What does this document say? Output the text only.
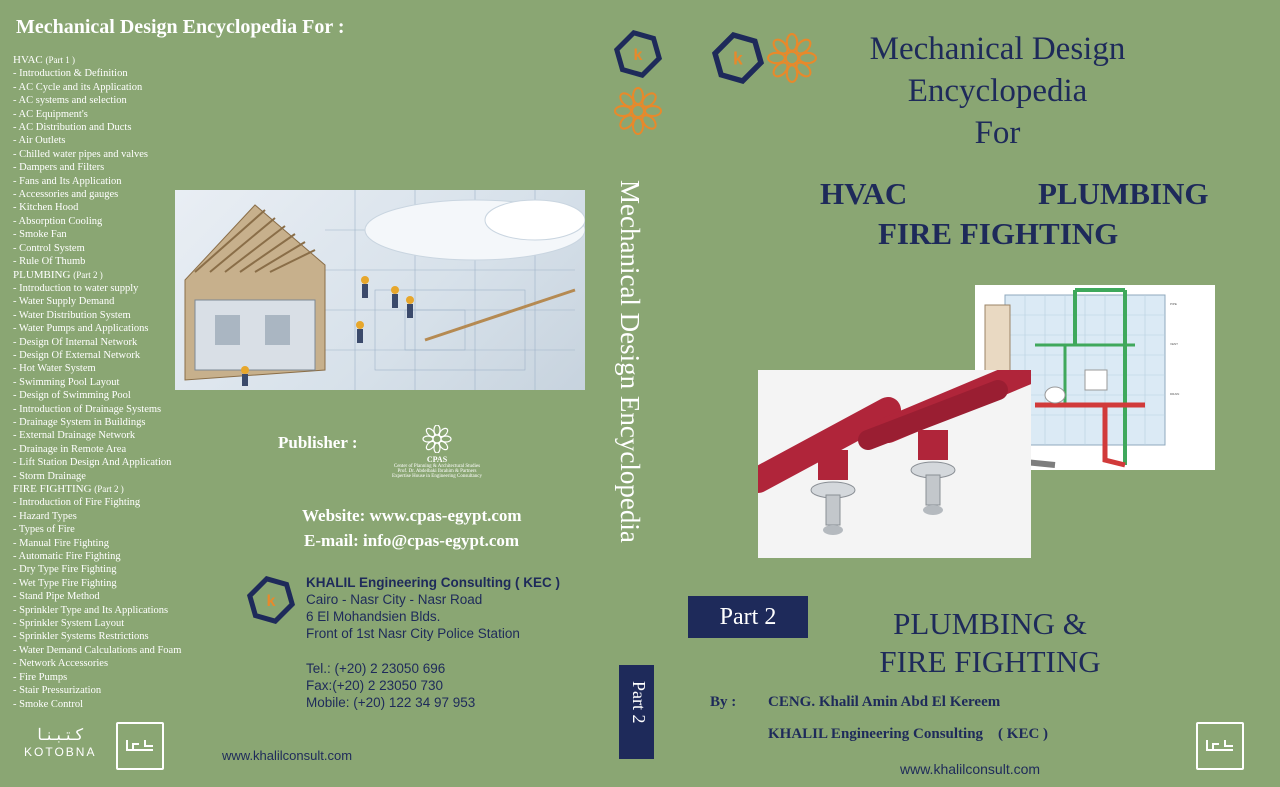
Mechanical Design Encyclopedia For :
HVAC (Part 1 )
- Introduction & Definition
- AC Cycle and its Application
- AC systems and selection
- AC Equipment's
- AC Distribution and Ducts
- Air Outlets
- Chilled water pipes and valves
- Dampers and Filters
- Fans and Its Application
- Accessories and gauges
- Kitchen Hood
- Absorption Cooling
- Smoke Fan
- Control System
- Rule Of Thumb
PLUMBING (Part 2 )
- Introduction to water supply
- Water Supply Demand
- Water Distribution System
- Water Pumps and Applications
- Design Of Internal Network
- Design Of External Network
- Hot Water System
- Swimming Pool Layout
- Design of Swimming Pool
- Introduction of Drainage Systems
- Drainage System in Buildings
- External Drainage Network
- Drainage in Remote Area
- Lift Station Design And Application
- Storm Drainage
FIRE FIGHTING (Part 2 )
- Introduction of Fire Fighting
- Hazard Types
- Types of Fire
- Manual Fire Fighting
- Automatic Fire Fighting
- Dry Type Fire Fighting
- Wet Type Fire Fighting
- Stand Pipe Method
- Sprinkler Type and Its Applications
- Sprinkler System Layout
- Sprinkler Systems Restrictions
- Water Demand Calculations and Foam
- Network Accessories
- Fire Pumps
- Stair Pressurization
- Smoke Control
Publisher :
CPAS
Center of Planning & Architectural Studies
Prof. Dr. Abdelbaki Ibrahim & Partners
Expertise House in Engineering Consultancy
Website: www.cpas-egypt.com
E-mail: info@cpas-egypt.com
k
KHALIL Engineering Consulting ( KEC )
Cairo - Nasr City - Nasr Road
6 El Mohandsien Blds.
Front of 1st Nasr City Police Station
Tel.: (+20) 2 23050 696
Fax:(+20) 2 23050 730
Mobile: (+20) 122 34 97 953
كـتـبـنـا
KOTOBNA	www.khalilconsult.com
k
Mechanical Design Encyclopedia
Part 2
k	Mechanical Design
Encyclopedia
For
HVAC	PLUMBING
FIRE FIGHTING
PIPE
VENT
DRAIN
Part 2	PLUMBING &
FIRE FIGHTING
By : CENG. Khalil Amin Abd El Kereem
KHALIL Engineering Consulting    ( KEC )
www.khalilconsult.com
